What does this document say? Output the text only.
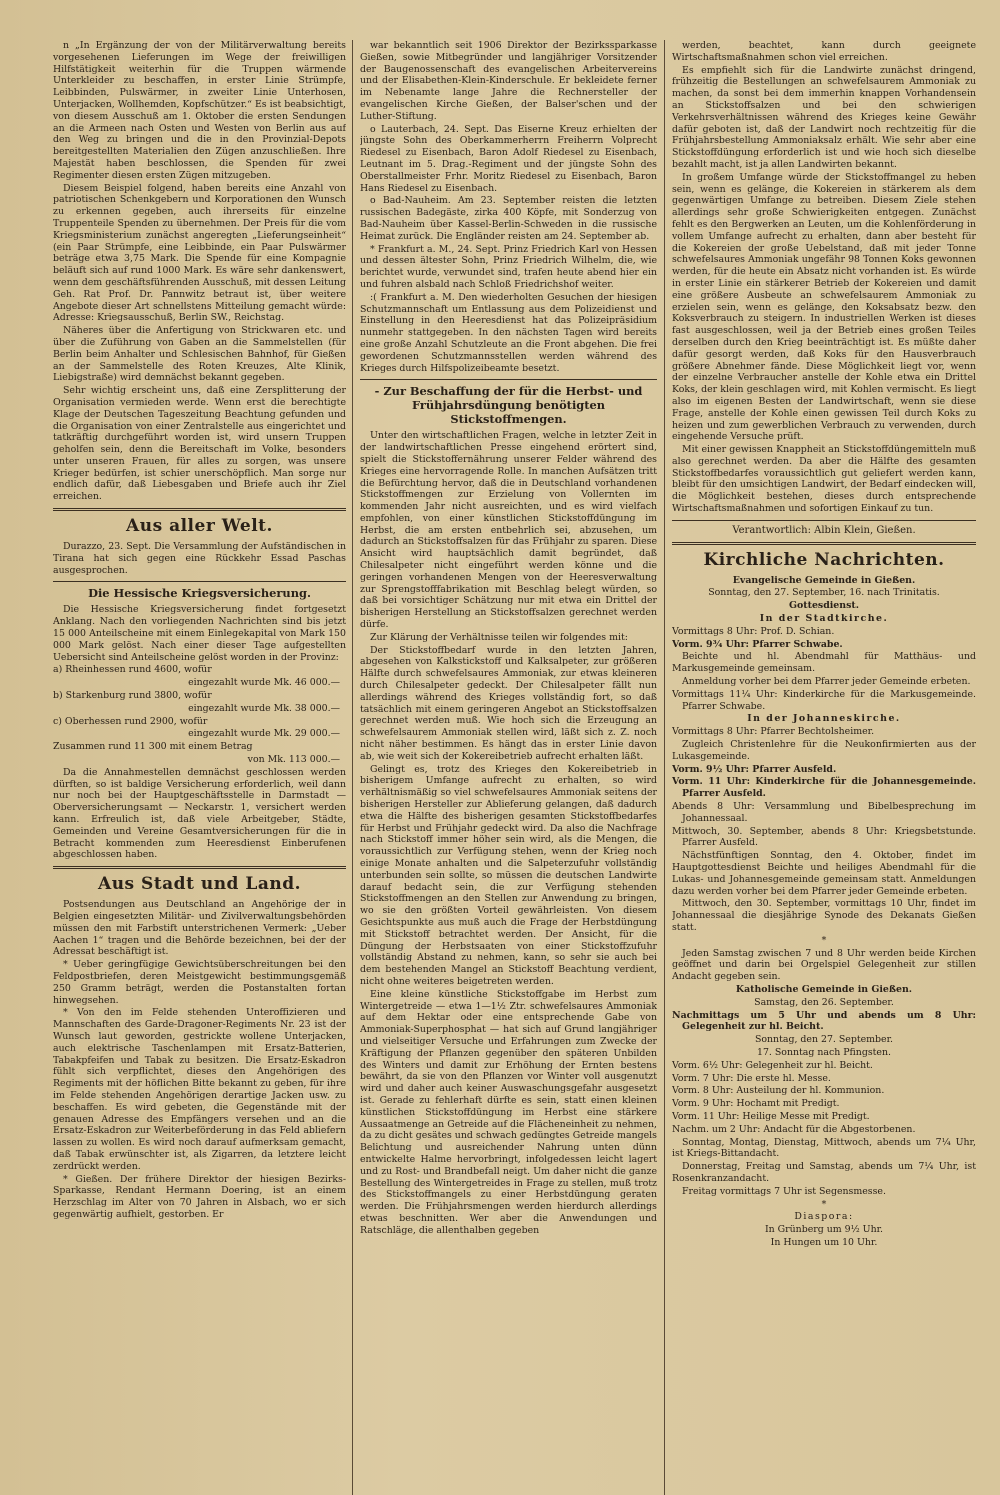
n „In Ergänzung der von der Militärverwaltung bereits vorgesehenen Lieferungen im Wege der freiwilligen Hilfstätigkeit weiterhin für die Truppen wärmende Unterkleider zu beschaffen, in erster Linie Strümpfe, Leibbinden, Pulswärmer, in zweiter Linie Unterhosen, Unterjacken, Wollhemden, Kopfschützer.“ Es ist beabsichtigt, von diesem Ausschuß am 1. Oktober die ersten Sendungen an die Armeen nach Osten und Westen von Berlin aus auf den Weg zu bringen und die in den Provinzial-Depots bereitgestellten Materialien den Zügen anzuschließen. Ihre Majestät haben beschlossen, die Spenden für zwei Regimenter diesen ersten Zügen mitzugeben.

Diesem Beispiel folgend, haben bereits eine Anzahl von patriotischen Schenkgebern und Korporationen den Wunsch zu erkennen gegeben, auch ihrerseits für einzelne Truppenteile Spenden zu übernehmen. Der Preis für die vom Kriegsministerium zunächst angeregten „Lieferungseinheit“ (ein Paar Strümpfe, eine Leibbinde, ein Paar Pulswärmer beträge etwa 3,75 Mark. Die Spende für eine Kompagnie beläuft sich auf rund 1000 Mark. Es wäre sehr dankenswert, wenn dem geschäftsführenden Ausschuß, mit dessen Leitung Geh. Rat Prof. Dr. Pannwitz betraut ist, über weitere Angebote dieser Art schnellstens Mitteilung gemacht würde: Adresse: Kriegsausschuß, Berlin SW., Reichstag.

Näheres über die Anfertigung von Strickwaren etc. und über die Zuführung von Gaben an die Sammelstellen (für Berlin beim Anhalter und Schlesischen Bahnhof, für Gießen an der Sammelstelle des Roten Kreuzes, Alte Klinik, Liebigstraße) wird demnächst bekannt gegeben.

Sehr wichtig erscheint uns, daß eine Zersplitterung der Organisation vermieden werde. Wenn erst die berechtigte Klage der Deutschen Tageszeitung Beachtung gefunden und die Organisation von einer Zentralstelle aus eingerichtet und tatkräftig durchgeführt worden ist, wird unsern Truppen geholfen sein, denn die Bereitschaft im Volke, besonders unter unseren Frauen, für alles zu sorgen, was unsere Krieger bedürfen, ist schier unerschöpflich. Man sorge nur endlich dafür, daß Liebesgaben und Briefe auch ihr Ziel erreichen.

Aus aller Welt.

Durazzo, 23. Sept. Die Versammlung der Aufständischen in Tirana hat sich gegen eine Rückkehr Essad Paschas ausgesprochen.

Die Hessische Kriegsversicherung.

Die Hessische Kriegsversicherung findet fortgesetzt Anklang. Nach den vorliegenden Nachrichten sind bis jetzt 15 000 Anteilscheine mit einem Einlegekapital von Mark 150 000 Mark gelöst. Nach einer dieser Tage aufgestellten Uebersicht sind Anteilscheine gelöst worden in der Provinz:

a) Rheinhessen rund 4600, wofür

eingezahlt wurde Mk. 46 000.—

b) Starkenburg rund 3800, wofür

eingezahlt wurde Mk. 38 000.—

c) Oberhessen rund 2900, wofür

eingezahlt wurde Mk. 29 000.—

Zusammen rund 11 300 mit einem Betrag

von Mk. 113 000.—

Da die Annahmestellen demnächst geschlossen werden dürften, so ist baldige Versicherung erforderlich, weil dann nur noch bei der Hauptgeschäftsstelle in Darmstadt — Oberversicherungsamt — Neckarstr. 1, versichert werden kann. Erfreulich ist, daß viele Arbeitgeber, Städte, Gemeinden und Vereine Gesamtversicherungen für die in Betracht kommenden zum Heeresdienst Einberufenen abgeschlossen haben.

Aus Stadt und Land.

Postsendungen aus Deutschland an Angehörige der in Belgien eingesetzten Militär- und Zivilverwaltungsbehörden müssen den mit Farbstift unterstrichenen Vermerk: „Ueber Aachen 1“ tragen und die Behörde bezeichnen, bei der der Adressat beschäftigt ist.

* Ueber geringfügige Gewichtsüberschreitungen bei den Feldpostbriefen, deren Meistgewicht bestimmungsgemäß 250 Gramm beträgt, werden die Postanstalten fortan hinwegsehen.

* Von den im Felde stehenden Unteroffizieren und Mannschaften des Garde-Dragoner-Regiments Nr. 23 ist der Wunsch laut geworden, gestrickte wollene Unterjacken, auch elektrische Taschenlampen mit Ersatz-Batterien, Tabakpfeifen und Tabak zu besitzen. Die Ersatz-Eskadron fühlt sich verpflichtet, dieses den Angehörigen des Regiments mit der höflichen Bitte bekannt zu geben, für ihre im Felde stehenden Angehörigen derartige Jacken usw. zu beschaffen. Es wird gebeten, die Gegenstände mit der genauen Adresse des Empfängers versehen und an die Ersatz-Eskadron zur Weiterbeförderung in das Feld abliefern lassen zu wollen. Es wird noch darauf aufmerksam gemacht, daß Tabak erwünschter ist, als Zigarren, da letztere leicht zerdrückt werden.

* Gießen. Der frühere Direktor der hiesigen Bezirks-Sparkasse, Rendant Hermann Doering, ist an einem Herzschlag im Alter von 70 Jahren in Alsbach, wo er sich gegenwärtig aufhielt, gestorben. Er

war bekanntlich seit 1906 Direktor der Bezirkssparkasse Gießen, sowie Mitbegründer und langjähriger Vorsitzender der Baugenossenschaft des evangelischen Arbeitervereins und der Elisabethen-Klein-Kinderschule. Er bekleidete ferner im Nebenamte lange Jahre die Rechnersteller der evangelischen Kirche Gießen, der Balser'schen und der Luther-Stiftung.

o Lauterbach, 24. Sept. Das Eiserne Kreuz erhielten der jüngste Sohn des Oberkammerherrn Freiherrn Volprecht Riedesel zu Eisenbach, Baron Adolf Riedesel zu Eisenbach, Leutnant im 5. Drag.-Regiment und der jüngste Sohn des Oberstallmeister Frhr. Moritz Riedesel zu Eisenbach, Baron Hans Riedesel zu Eisenbach.

o Bad-Nauheim. Am 23. September reisten die letzten russischen Badegäste, zirka 400 Köpfe, mit Sonderzug von Bad-Nauheim über Kassel-Berlin-Schweden in die russische Heimat zurück. Die Engländer reisten am 24. September ab.

* Frankfurt a. M., 24. Sept. Prinz Friedrich Karl von Hessen und dessen ältester Sohn, Prinz Friedrich Wilhelm, die, wie berichtet wurde, verwundet sind, trafen heute abend hier ein und fuhren alsbald nach Schloß Friedrichshof weiter.

:( Frankfurt a. M. Den wiederholten Gesuchen der hiesigen Schutzmannschaft um Entlassung aus dem Polizeidienst und Einstellung in den Heeresdienst hat das Polizeipräsidium nunmehr stattgegeben. In den nächsten Tagen wird bereits eine große Anzahl Schutzleute an die Front abgehen. Die frei gewordenen Schutzmannsstellen werden während des Krieges durch Hilfspolizeibeamte besetzt.

- Zur Beschaffung der für die Herbst- und Frühjahrsdüngung benötigten Stickstoffmengen.

Unter den wirtschaftlichen Fragen, welche in letzter Zeit in der landwirtschaftlichen Presse eingehend erörtert sind, spielt die Stickstoffernährung unserer Felder während des Krieges eine hervorragende Rolle. In manchen Aufsätzen tritt die Befürchtung hervor, daß die in Deutschland vorhandenen Stickstoffmengen zur Erzielung von Vollernten im kommenden Jahr nicht ausreichten, und es wird vielfach empfohlen, von einer künstlichen Stickstoffdüngung im Herbst, die am ersten entbehrlich sei, abzusehen, um dadurch an Stickstoffsalzen für das Frühjahr zu sparen. Diese Ansicht wird hauptsächlich damit begründet, daß Chilesalpeter nicht eingeführt werden könne und die geringen vorhandenen Mengen von der Heeresverwaltung zur Sprengstofffabrikation mit Beschlag belegt würden, so daß bei vorsichtiger Schätzung nur mit etwa ein Drittel der bisherigen Herstellung an Stickstoffsalzen gerechnet werden dürfe.

Zur Klärung der Verhältnisse teilen wir folgendes mit:

Der Stickstoffbedarf wurde in den letzten Jahren, abgesehen von Kalkstickstoff und Kalksalpeter, zur größeren Hälfte durch schwefelsaures Ammoniak, zur etwas kleineren durch Chilesalpeter gedeckt. Der Chilesalpeter fällt nun allerdings während des Krieges vollständig fort, so daß tatsächlich mit einem geringeren Angebot an Stickstoffsalzen gerechnet werden muß. Wie hoch sich die Erzeugung an schwefelsaurem Ammoniak stellen wird, läßt sich z. Z. noch nicht näher bestimmen. Es hängt das in erster Linie davon ab, wie weit sich der Kokereibetrieb aufrecht erhalten läßt.

Gelingt es, trotz des Krieges den Kokereibetrieb in bisherigem Umfange aufrecht zu erhalten, so wird verhältnismäßig so viel schwefelsaures Ammoniak seitens der bisherigen Hersteller zur Ablieferung gelangen, daß dadurch etwa die Hälfte des bisherigen gesamten Stickstoffbedarfes für Herbst und Frühjahr gedeckt wird. Da also die Nachfrage nach Stickstoff immer höher sein wird, als die Mengen, die voraussichtlich zur Verfügung stehen, wenn der Krieg noch einige Monate anhalten und die Salpeterzufuhr vollständig unterbunden sein sollte, so müssen die deutschen Landwirte darauf bedacht sein, die zur Verfügung stehenden Stickstoffmengen an den Stellen zur Anwendung zu bringen, wo sie den größten Vorteil gewährleisten. Von diesem Gesichtspunkte aus muß auch die Frage der Herbstdüngung mit Stickstoff betrachtet werden. Der Ansicht, für die Düngung der Herbstsaaten von einer Stickstoffzufuhr vollständig Abstand zu nehmen, kann, so sehr sie auch bei dem bestehenden Mangel an Stickstoff Beachtung verdient, nicht ohne weiteres beigetreten werden.

Eine kleine künstliche Stickstoffgabe im Herbst zum Wintergetreide — etwa 1—1½ Ztr. schwefelsaures Ammoniak auf dem Hektar oder eine entsprechende Gabe von Ammoniak-Superphosphat — hat sich auf Grund langjähriger und vielseitiger Versuche und Erfahrungen zum Zwecke der Kräftigung der Pflanzen gegenüber den späteren Unbilden des Winters und damit zur Erhöhung der Ernten bestens bewährt, da sie von den Pflanzen vor Winter voll ausgenutzt wird und daher auch keiner Auswaschungsgefahr ausgesetzt ist. Gerade zu fehlerhaft dürfte es sein, statt einen kleinen künstlichen Stickstoffdüngung im Herbst eine stärkere Aussaatmenge an Getreide auf die Flächeneinheit zu nehmen, da zu dicht gesätes und schwach gedüngtes Getreide mangels Belichtung und ausreichender Nahrung unten dünn entwickelte Halme hervorbringt, infolgedessen leicht lagert und zu Rost- und Brandbefall neigt. Um daher nicht die ganze Bestellung des Wintergetreides in Frage zu stellen, muß trotz des Stickstoffmangels zu einer Herbstdüngung geraten werden. Die Frühjahrsmengen werden hierdurch allerdings etwas beschnitten. Wer aber die Anwendungen und Ratschläge, die allenthalben gegeben

werden, beachtet, kann durch geeignete Wirtschaftsmaßnahmen schon viel erreichen.

Es empfiehlt sich für die Landwirte zunächst dringend, frühzeitig die Bestellungen an schwefelsaurem Ammoniak zu machen, da sonst bei dem immerhin knappen Vorhandensein an Stickstoffsalzen und bei den schwierigen Verkehrsverhältnissen während des Krieges keine Gewähr dafür geboten ist, daß der Landwirt noch rechtzeitig für die Frühjahrsbestellung Ammoniaksalz erhält. Wie sehr aber eine Stickstoffdüngung erforderlich ist und wie hoch sich dieselbe bezahlt macht, ist ja allen Landwirten bekannt.

In großem Umfange würde der Stickstoffmangel zu heben sein, wenn es gelänge, die Kokereien in stärkerem als dem gegenwärtigen Umfange zu betreiben. Diesem Ziele stehen allerdings sehr große Schwierigkeiten entgegen. Zunächst fehlt es den Bergwerken an Leuten, um die Kohlenförderung in vollem Umfange aufrecht zu erhalten, dann aber besteht für die Kokereien der große Uebelstand, daß mit jeder Tonne schwefelsaures Ammoniak ungefähr 98 Tonnen Koks gewonnen werden, für die heute ein Absatz nicht vorhanden ist. Es würde in erster Linie ein stärkerer Betrieb der Kokereien und damit eine größere Ausbeute an schwefelsaurem Ammoniak zu erzielen sein, wenn es gelänge, den Koksabsatz bezw. den Koksverbrauch zu steigern. In industriellen Werken ist dieses fast ausgeschlossen, weil ja der Betrieb eines großen Teiles derselben durch den Krieg beeinträchtigt ist. Es müßte daher dafür gesorgt werden, daß Koks für den Hausverbrauch größere Abnehmer fände. Diese Möglichkeit liegt vor, wenn der einzelne Verbraucher anstelle der Kohle etwa ein Drittel Koks, der klein geschlagen wird, mit Kohlen vermischt. Es liegt also im eigenen Besten der Landwirtschaft, wenn sie diese Frage, anstelle der Kohle einen gewissen Teil durch Koks zu heizen und zum gewerblichen Verbrauch zu verwenden, durch eingehende Versuche prüft.

Mit einer gewissen Knappheit an Stickstoffdüngemitteln muß also gerechnet werden. Da aber die Hälfte des gesamten Stickstoffbedarfes voraussichtlich gut geliefert werden kann, bleibt für den umsichtigen Landwirt, der Bedarf eindecken will, die Möglichkeit bestehen, dieses durch entsprechende Wirtschaftsmaßnahmen und sofortigen Einkauf zu tun.

Verantwortlich: Albin Klein, Gießen.

Kirchliche Nachrichten.

Evangelische Gemeinde in Gießen.

Sonntag, den 27. September, 16. nach Trinitatis.

Gottesdienst.

In der Stadtkirche.

Vormittags 8 Uhr: Prof. D. Schian.

Vorm. 9¾ Uhr: Pfarrer Schwabe.

Beichte und hl. Abendmahl für Matthäus- und Markusgemeinde gemeinsam.

Anmeldung vorher bei dem Pfarrer jeder Gemeinde erbeten.

Vormittags 11¼ Uhr: Kinderkirche für die Markusgemeinde. Pfarrer Schwabe.

In der Johanneskirche.

Vormittags 8 Uhr: Pfarrer Bechtolsheimer.

Zugleich Christenlehre für die Neukonfirmierten aus der Lukasgemeinde.

Vorm. 9½ Uhr: Pfarrer Ausfeld.

Vorm. 11 Uhr: Kinderkirche für die Johannesgemeinde. Pfarrer Ausfeld.

Abends 8 Uhr: Versammlung und Bibelbesprechung im Johannessaal.

Mittwoch, 30. September, abends 8 Uhr: Kriegsbetstunde. Pfarrer Ausfeld.

Nächstfünftigen Sonntag, den 4. Oktober, findet im Hauptgottesdienst Beichte und heiliges Abendmahl für die Lukas- und Johannesgemeinde gemeinsam statt. Anmeldungen dazu werden vorher bei dem Pfarrer jeder Gemeinde erbeten.

Mittwoch, den 30. September, vormittags 10 Uhr, findet im Johannessaal die diesjährige Synode des Dekanats Gießen statt.

*

Jeden Samstag zwischen 7 und 8 Uhr werden beide Kirchen geöffnet und darin bei Orgelspiel Gelegenheit zur stillen Andacht gegeben sein.

Katholische Gemeinde in Gießen.

Samstag, den 26. September.

Nachmittags um 5 Uhr und abends um 8 Uhr: Gelegenheit zur hl. Beicht.

Sonntag, den 27. September.

17. Sonntag nach Pfingsten.

Vorm. 6½ Uhr: Gelegenheit zur hl. Beicht.

Vorm. 7 Uhr: Die erste hl. Messe.

Vorm. 8 Uhr: Austeilung der hl. Kommunion.

Vorm. 9 Uhr: Hochamt mit Predigt.

Vorm. 11 Uhr: Heilige Messe mit Predigt.

Nachm. um 2 Uhr: Andacht für die Abgestorbenen.

Sonntag, Montag, Dienstag, Mittwoch, abends um 7¼ Uhr, ist Kriegs-Bittandacht.

Donnerstag, Freitag und Samstag, abends um 7¼ Uhr, ist Rosenkranzandacht.

Freitag vormittags 7 Uhr ist Segensmesse.

*

Diaspora:

In Grünberg um 9½ Uhr.

In Hungen um 10 Uhr.
